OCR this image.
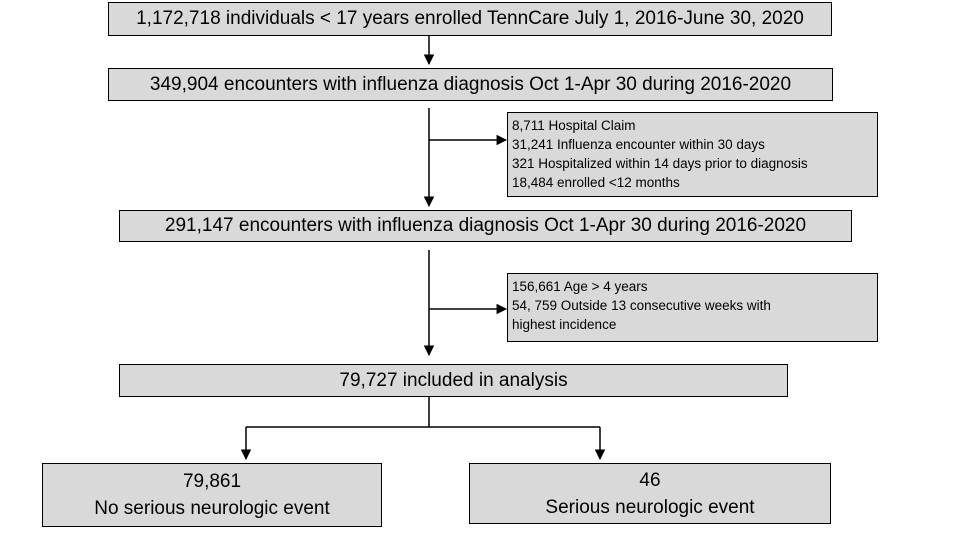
1,172,718 individuals < 17 years enrolled TennCare July 1, 2016-June 30, 2020
349,904 encounters with influenza diagnosis Oct 1-Apr 30 during 2016-2020
8,711 Hospital Claim
31,241 Influenza encounter within 30 days
321 Hospitalized within 14 days prior to diagnosis
18,484 enrolled <12 months
291,147 encounters with influenza diagnosis Oct 1-Apr 30 during 2016-2020
156,661 Age > 4 years
54, 759 Outside 13 consecutive weeks with
highest incidence
79,727 included in analysis
79,861
No serious neurologic event
46
Serious neurologic event
